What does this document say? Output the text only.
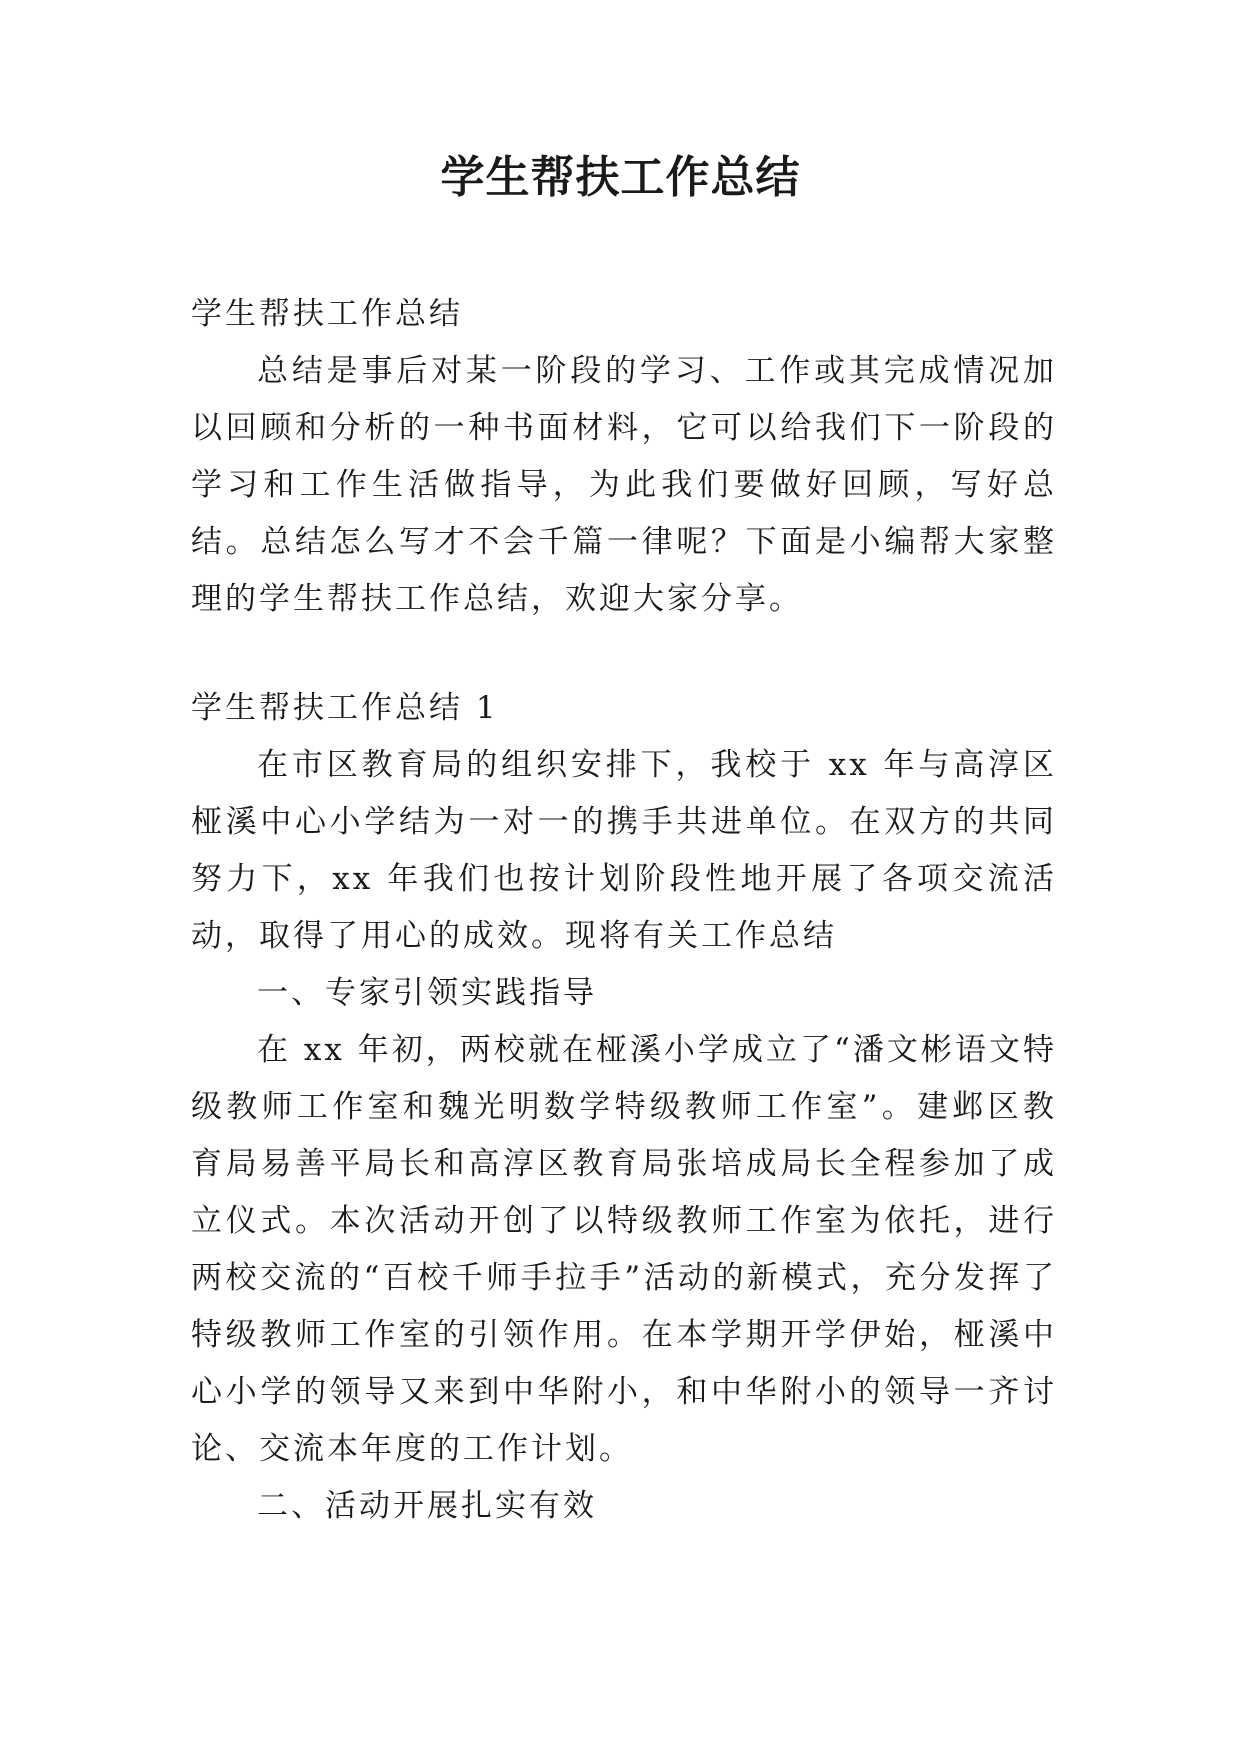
学生帮扶工作总结

学生帮扶工作总结

总结是事后对某一阶段的学习、工作或其完成情况加以回顾和分析的一种书面材料，它可以给我们下一阶段的学习和工作生活做指导，为此我们要做好回顾，写好总结。总结怎么写才不会千篇一律呢？下面是小编帮大家整理的学生帮扶工作总结，欢迎大家分享。

学生帮扶工作总结 1

在市区教育局的组织安排下，我校于 xx 年与高淳区桠溪中心小学结为一对一的携手共进单位。在双方的共同努力下，xx 年我们也按计划阶段性地开展了各项交流活动，取得了用心的成效。现将有关工作总结

一、专家引领实践指导

在 xx 年初，两校就在桠溪小学成立了“潘文彬语文特级教师工作室和魏光明数学特级教师工作室”。建邺区教育局易善平局长和高淳区教育局张培成局长全程参加了成立仪式。本次活动开创了以特级教师工作室为依托，进行两校交流的“百校千师手拉手”活动的新模式，充分发挥了特级教师工作室的引领作用。在本学期开学伊始，桠溪中心小学的领导又来到中华附小，和中华附小的领导一齐讨论、交流本年度的工作计划。

二、活动开展扎实有效
